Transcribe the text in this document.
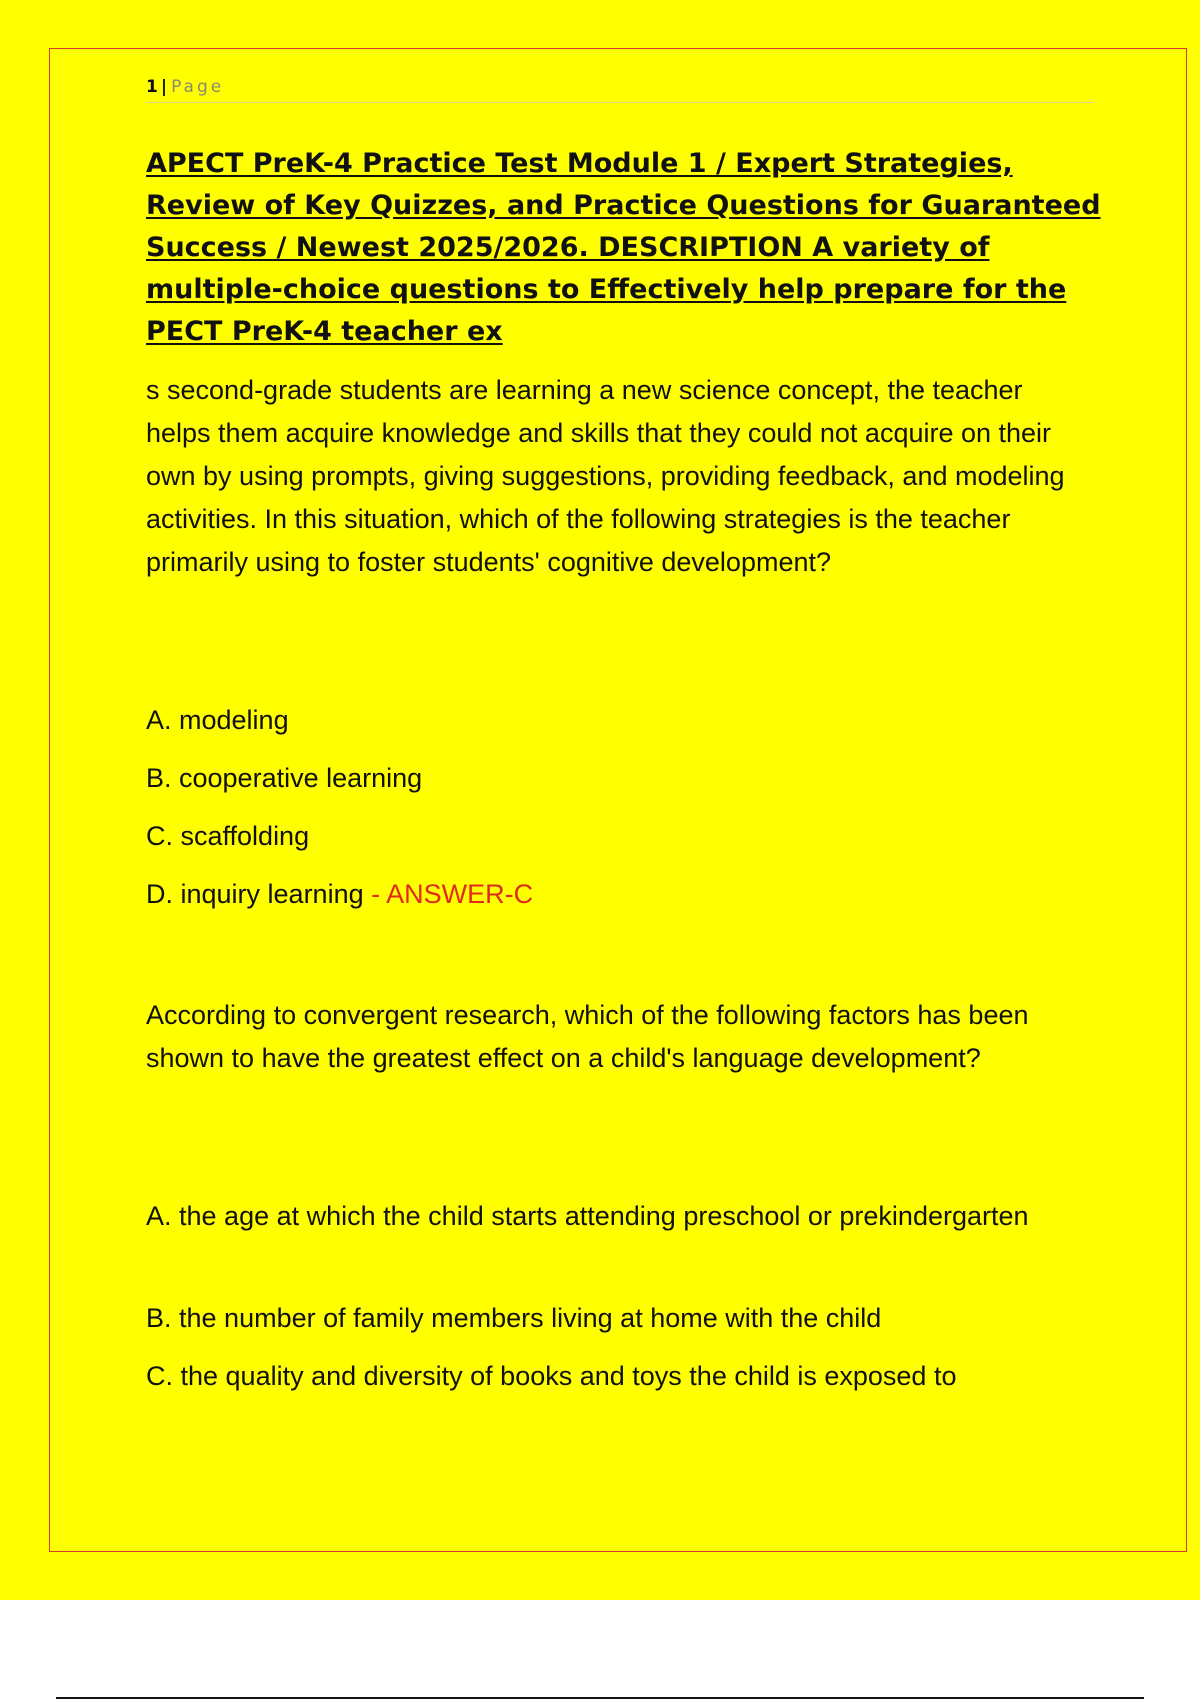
1 | Page
APECT PreK-4 Practice Test Module 1 / Expert Strategies, Review of Key Quizzes, and Practice Questions for Guaranteed Success / Newest 2025/2026. DESCRIPTION A variety of multiple-choice questions to Effectively help prepare for the PECT PreK-4 teacher ex

s second-grade students are learning a new science concept, the teacher helps them acquire knowledge and skills that they could not acquire on their own by using prompts, giving suggestions, providing feedback, and modeling activities. In this situation, which of the following strategies is the teacher primarily using to foster students' cognitive development?

A. modeling
B. cooperative learning
C. scaffolding
D. inquiry learning - ANSWER-C

According to convergent research, which of the following factors has been shown to have the greatest effect on a child's language development?

A. the age at which the child starts attending preschool or prekindergarten
B. the number of family members living at home with the child
C. the quality and diversity of books and toys the child is exposed to
